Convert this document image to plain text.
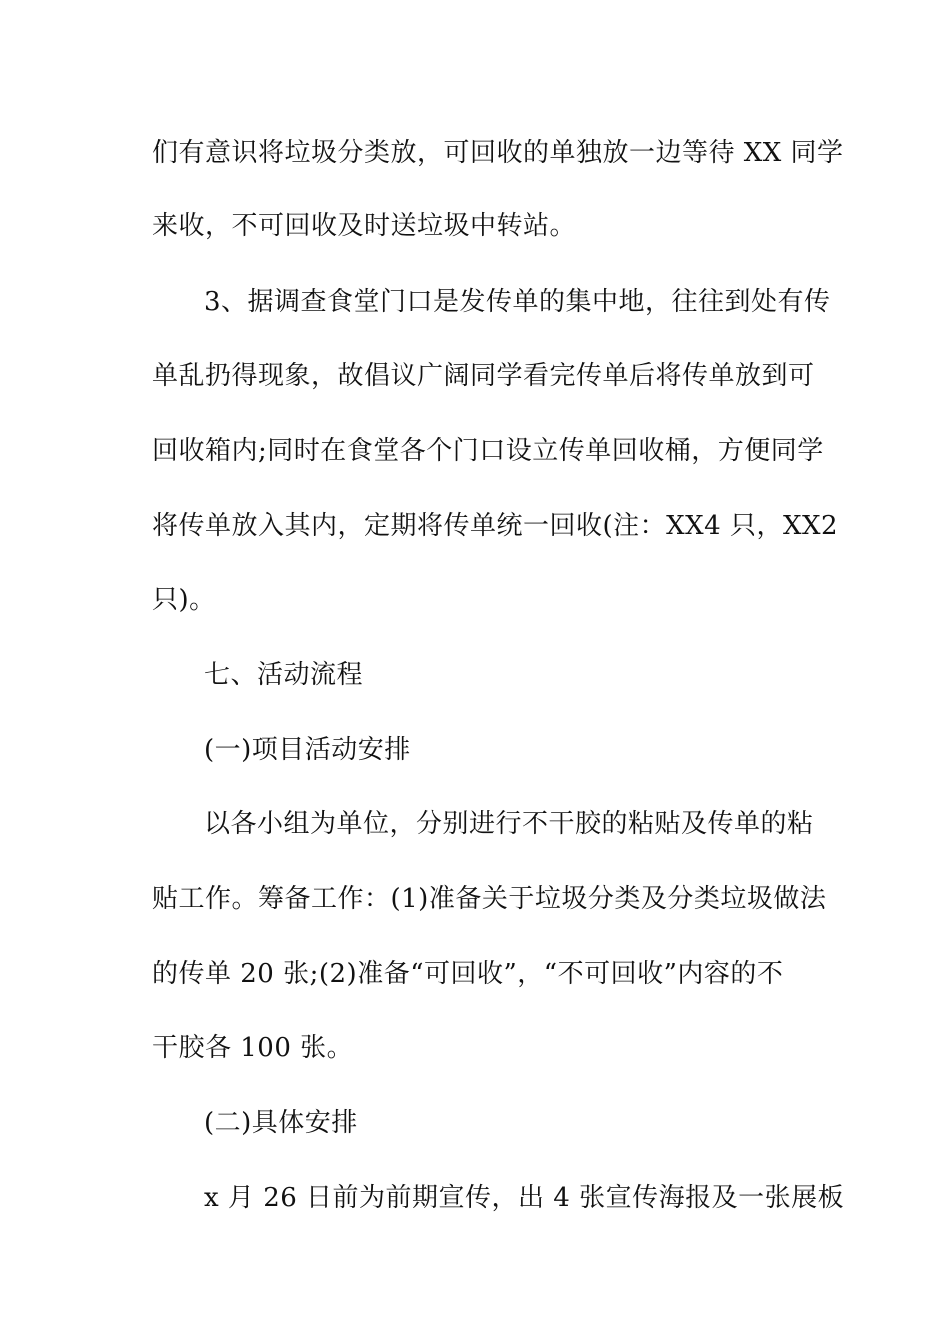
们有意识将垃圾分类放，可回收的单独放一边等待 XX 同学
来收，不可回收及时送垃圾中转站。
3、据调查食堂门口是发传单的集中地，往往到处有传
单乱扔得现象，故倡议广阔同学看完传单后将传单放到可
回收箱内;同时在食堂各个门口设立传单回收桶，方便同学
将传单放入其内，定期将传单统一回收(注：XX4 只，XX2
只)。
七、活动流程
(一)项目活动安排
以各小组为单位，分别进行不干胶的粘贴及传单的粘
贴工作。筹备工作：(1)准备关于垃圾分类及分类垃圾做法
的传单 20 张;(2)准备“可回收”，“不可回收”内容的不
干胶各 100 张。
(二)具体安排
x 月 26 日前为前期宣传，出 4 张宣传海报及一张展板
